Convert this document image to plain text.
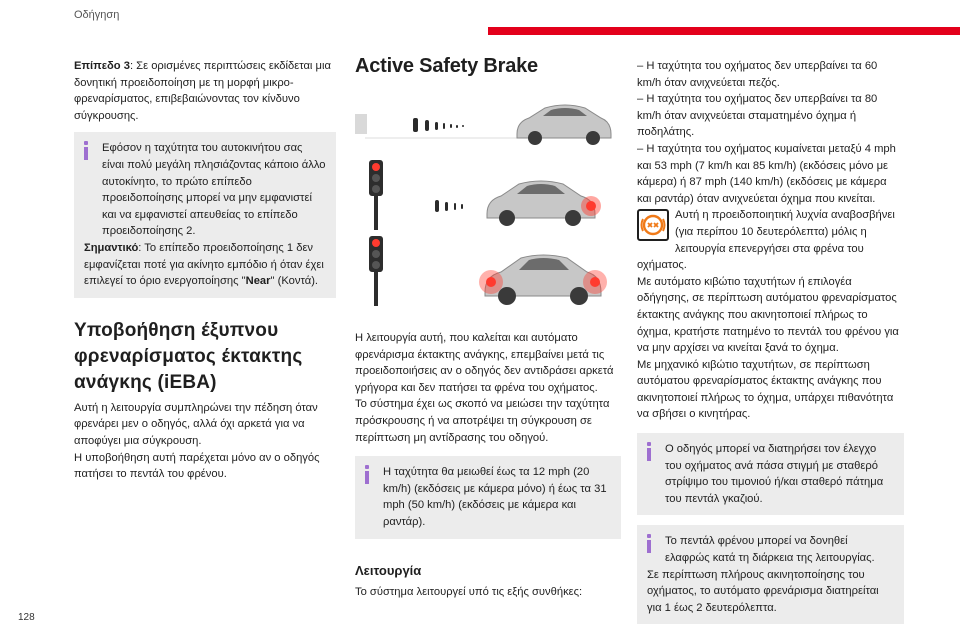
Οδήγηση

Επίπεδο 3: Σε ορισμένες περιπτώσεις εκδίδεται μια δονητική προειδοποίηση με τη μορφή μικρο-φρεναρίσματος, επιβεβαιώνοντας τον κίνδυνο σύγκρουσης.

Εφόσον η ταχύτητα του αυτοκινήτου σας είναι πολύ μεγάλη πλησιάζοντας κάποιο άλλο αυτοκίνητο, το πρώτο επίπεδο προειδοποίησης μπορεί να μην εμφανιστεί και να εμφανιστεί απευθείας το επίπεδο προειδοποίησης 2.

Σημαντικό: Το επίπεδο προειδοποίησης 1 δεν εμφανίζεται ποτέ για ακίνητο εμπόδιο ή όταν έχει επιλεγεί το όριο ενεργοποίησης "Near" (Κοντά).

Υποβοήθηση έξυπνου φρεναρίσματος έκτακτης ανάγκης (iEBA)

Αυτή η λειτουργία συμπληρώνει την πέδηση όταν φρενάρει μεν ο οδηγός, αλλά όχι αρκετά για να αποφύγει μια σύγκρουση.

Η υποβοήθηση αυτή παρέχεται μόνο αν ο οδηγός πατήσει το πεντάλ του φρένου.

Active Safety Brake

Η λειτουργία αυτή, που καλείται και αυτόματο φρενάρισμα έκτακτης ανάγκης, επεμβαίνει μετά τις προειδοποιήσεις αν ο οδηγός δεν αντιδράσει αρκετά γρήγορα και δεν πατήσει τα φρένα του οχήματος.

Το σύστημα έχει ως σκοπό να μειώσει την ταχύτητα πρόσκρουσης ή να αποτρέψει τη σύγκρουση σε περίπτωση μη αντίδρασης του οδηγού.

Η ταχύτητα θα μειωθεί έως τα 12 mph (20 km/h) (εκδόσεις με κάμερα μόνο) ή έως τα 31 mph (50 km/h) (εκδόσεις με κάμερα και ραντάρ).

Λειτουργία

Το σύστημα λειτουργεί υπό τις εξής συνθήκες:

– Η ταχύτητα του οχήματος δεν υπερβαίνει τα 60 km/h όταν ανιχνεύεται πεζός.

– Η ταχύτητα του οχήματος δεν υπερβαίνει τα 80 km/h όταν ανιχνεύεται σταματημένο όχημα ή ποδηλάτης.

– Η ταχύτητα του οχήματος κυμαίνεται μεταξύ 4 mph και 53 mph (7 km/h και 85 km/h) (εκδόσεις μόνο με κάμερα) ή 87 mph (140 km/h) (εκδόσεις με κάμερα και ραντάρ) όταν ανιχνεύεται όχημα που κινείται.

Αυτή η προειδοποιητική λυχνία αναβοσβήνει (για περίπου 10 δευτερόλεπτα) μόλις η λειτουργία επενεργήσει στα φρένα του οχήματος.

Με αυτόματο κιβώτιο ταχυτήτων ή επιλογέα οδήγησης, σε περίπτωση αυτόματου φρεναρίσματος έκτακτης ανάγκης που ακινητοποιεί πλήρως το όχημα, κρατήστε πατημένο το πεντάλ του φρένου για να μην αρχίσει να κινείται ξανά το όχημα.

Με μηχανικό κιβώτιο ταχυτήτων, σε περίπτωση αυτόματου φρεναρίσματος έκτακτης ανάγκης που ακινητοποιεί πλήρως το όχημα, υπάρχει πιθανότητα να σβήσει ο κινητήρας.

Ο οδηγός μπορεί να διατηρήσει τον έλεγχο του οχήματος ανά πάσα στιγμή με σταθερό στρίψιμο του τιμονιού ή/και σταθερό πάτημα του πεντάλ γκαζιού.

Το πεντάλ φρένου μπορεί να δονηθεί ελαφρώς κατά τη διάρκεια της λειτουργίας.

Σε περίπτωση πλήρους ακινητοποίησης του οχήματος, το αυτόματο φρενάρισμα διατηρείται για 1 έως 2 δευτερόλεπτα.

128
